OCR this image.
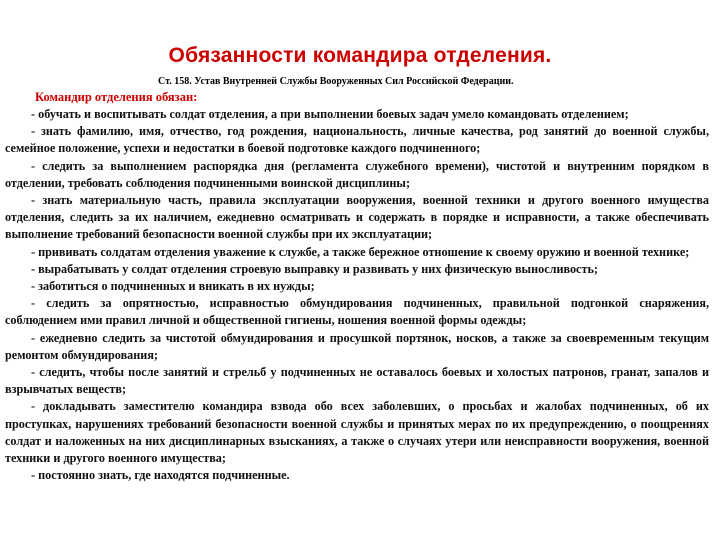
Обязанности командира отделения.
Ст. 158. Устав Внутренней Службы Вооруженных Сил Российской Федерации.
Командир отделения обязан:

- обучать и воспитывать солдат отделения, а при выполнении боевых задач умело командовать отделением;

- знать фамилию, имя, отчество, год рождения, национальность, личные качества, род занятий до военной службы, семейное положение, успехи и недостатки в боевой подготовке каждого подчиненного;

- следить за выполнением распорядка дня (регламента служебного времени), чистотой и внутренним порядком в отделении, требовать соблюдения подчиненными воинской дисциплины;

- знать материальную часть, правила эксплуатации вооружения, военной техники и другого военного имущества отделения, следить за их наличием, ежедневно осматривать и содержать в порядке и исправности, а также обеспечивать выполнение требований безопасности военной службы при их эксплуатации;

- прививать солдатам отделения уважение к службе, а также бережное отношение к своему оружию и военной технике;

- вырабатывать у солдат отделения строевую выправку и развивать у них физическую выносливость;

- заботиться о подчиненных и вникать в их нужды;

- следить за опрятностью, исправностью обмундирования подчиненных, правильной подгонкой снаряжения, соблюдением ими правил личной и общественной гигиены, ношения военной формы одежды;

- ежедневно следить за чистотой обмундирования и просушкой портянок, носков, а также за своевременным текущим ремонтом обмундирования;

- следить, чтобы после занятий и стрельб у подчиненных не оставалось боевых и холостых патронов, гранат, запалов и взрывчатых веществ;

- докладывать заместителю командира взвода обо всех заболевших, о просьбах и жалобах подчиненных, об их проступках, нарушениях требований безопасности военной службы и принятых мерах по их предупреждению, о поощрениях солдат и наложенных на них дисциплинарных взысканиях, а также о случаях утери или неисправности вооружения, военной техники и другого военного имущества;

- постоянно знать, где находятся подчиненные.
